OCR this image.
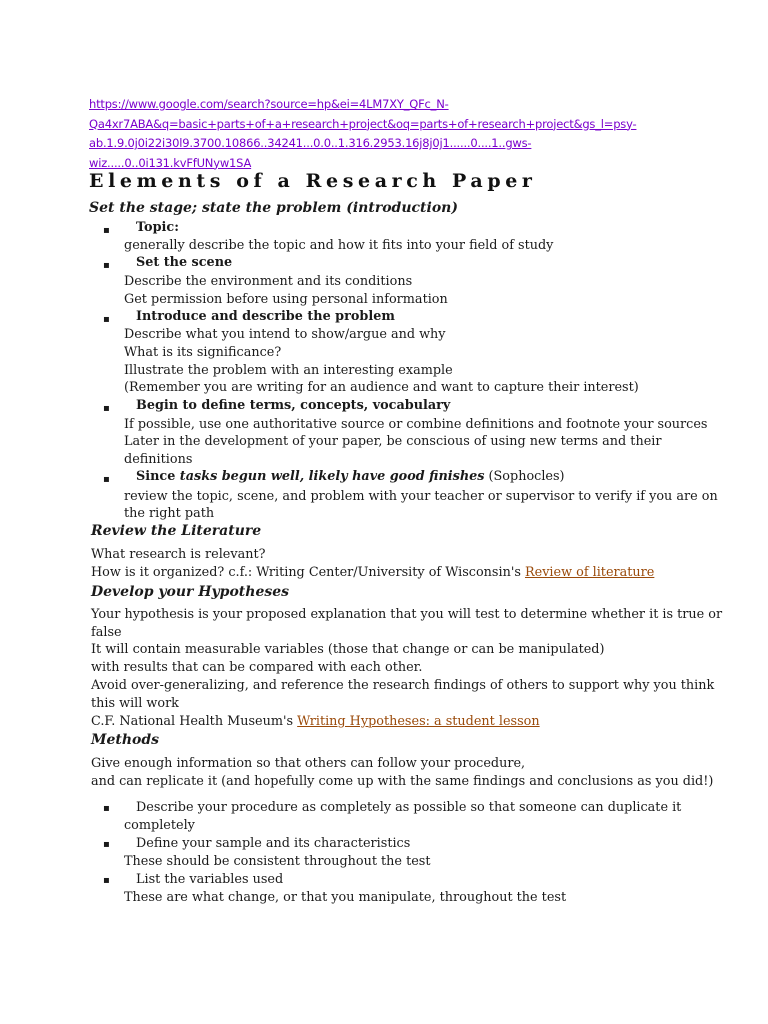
https://www.google.com/search?source=hp&ei=4LM7XY_QFc_N-
Qa4xr7ABA&q=basic+parts+of+a+research+project&oq=parts+of+research+project&gs_l=psy-
ab.1.9.0j0i22i30l9.3700.10866..34241...0.0..1.316.2953.16j8j0j1......0....1..gws-
wiz.....0..0i131.kvFfUNyw1SA
Elements of a Research Paper
Set the stage; state the problem (introduction)
▪ Topic:
generally describe the topic and how it fits into your field of study
▪ Set the scene
Describe the environment and its conditions
Get permission before using personal information
▪ Introduce and describe the problem
Describe what you intend to show/argue and why
What is its significance?
Illustrate the problem with an interesting example
(Remember you are writing for an audience and want to capture their interest)
▪ Begin to define terms, concepts, vocabulary
If possible, use one authoritative source or combine definitions and footnote your sources
Later in the development of your paper, be conscious of using new terms and their
definitions
▪ Since tasks begun well, likely have good finishes (Sophocles)
review the topic, scene, and problem with your teacher or supervisor to verify if you are on
the right path
Review the Literature
What research is relevant?
How is it organized? c.f.: Writing Center/University of Wisconsin's Review of literature
Develop your Hypotheses
Your hypothesis is your proposed explanation that you will test to determine whether it is true or
false
It will contain measurable variables (those that change or can be manipulated)
with results that can be compared with each other.
Avoid over-generalizing, and reference the research findings of others to support why you think
this will work
C.F. National Health Museum's Writing Hypotheses: a student lesson
Methods
Give enough information so that others can follow your procedure,
and can replicate it (and hopefully come up with the same findings and conclusions as you did!)
▪ Describe your procedure as completely as possible so that someone can duplicate it
completely
▪ Define your sample and its characteristics
These should be consistent throughout the test
▪ List the variables used
These are what change, or that you manipulate, throughout the test
